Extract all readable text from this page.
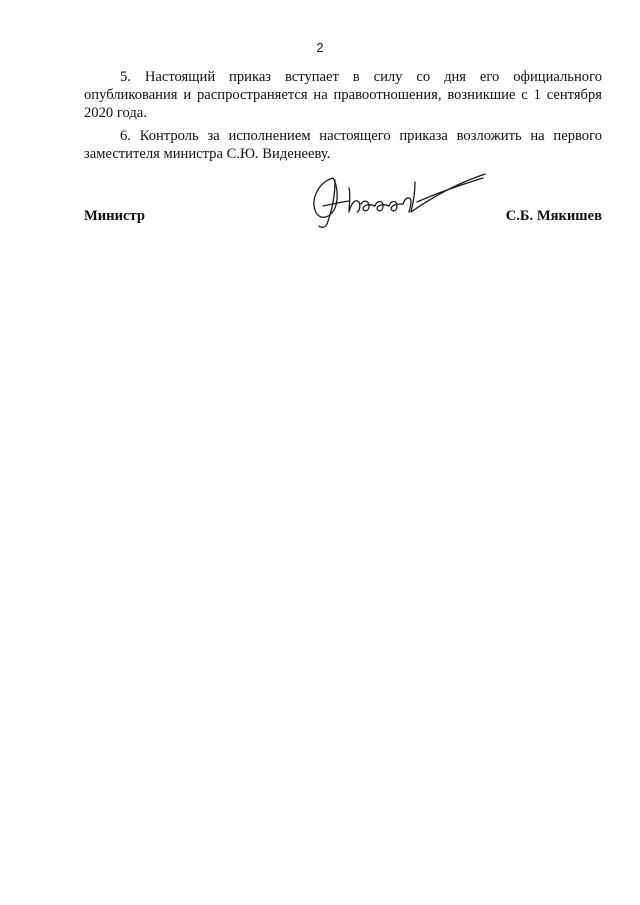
2

5. Настоящий приказ вступает в силу со дня его официального опубликования и распространяется на правоотношения, возникшие с 1 сентября 2020 года.

6. Контроль за исполнением настоящего приказа возложить на первого заместителя министра С.Ю. Виденееву.

Министр	С.Б. Мякишев
